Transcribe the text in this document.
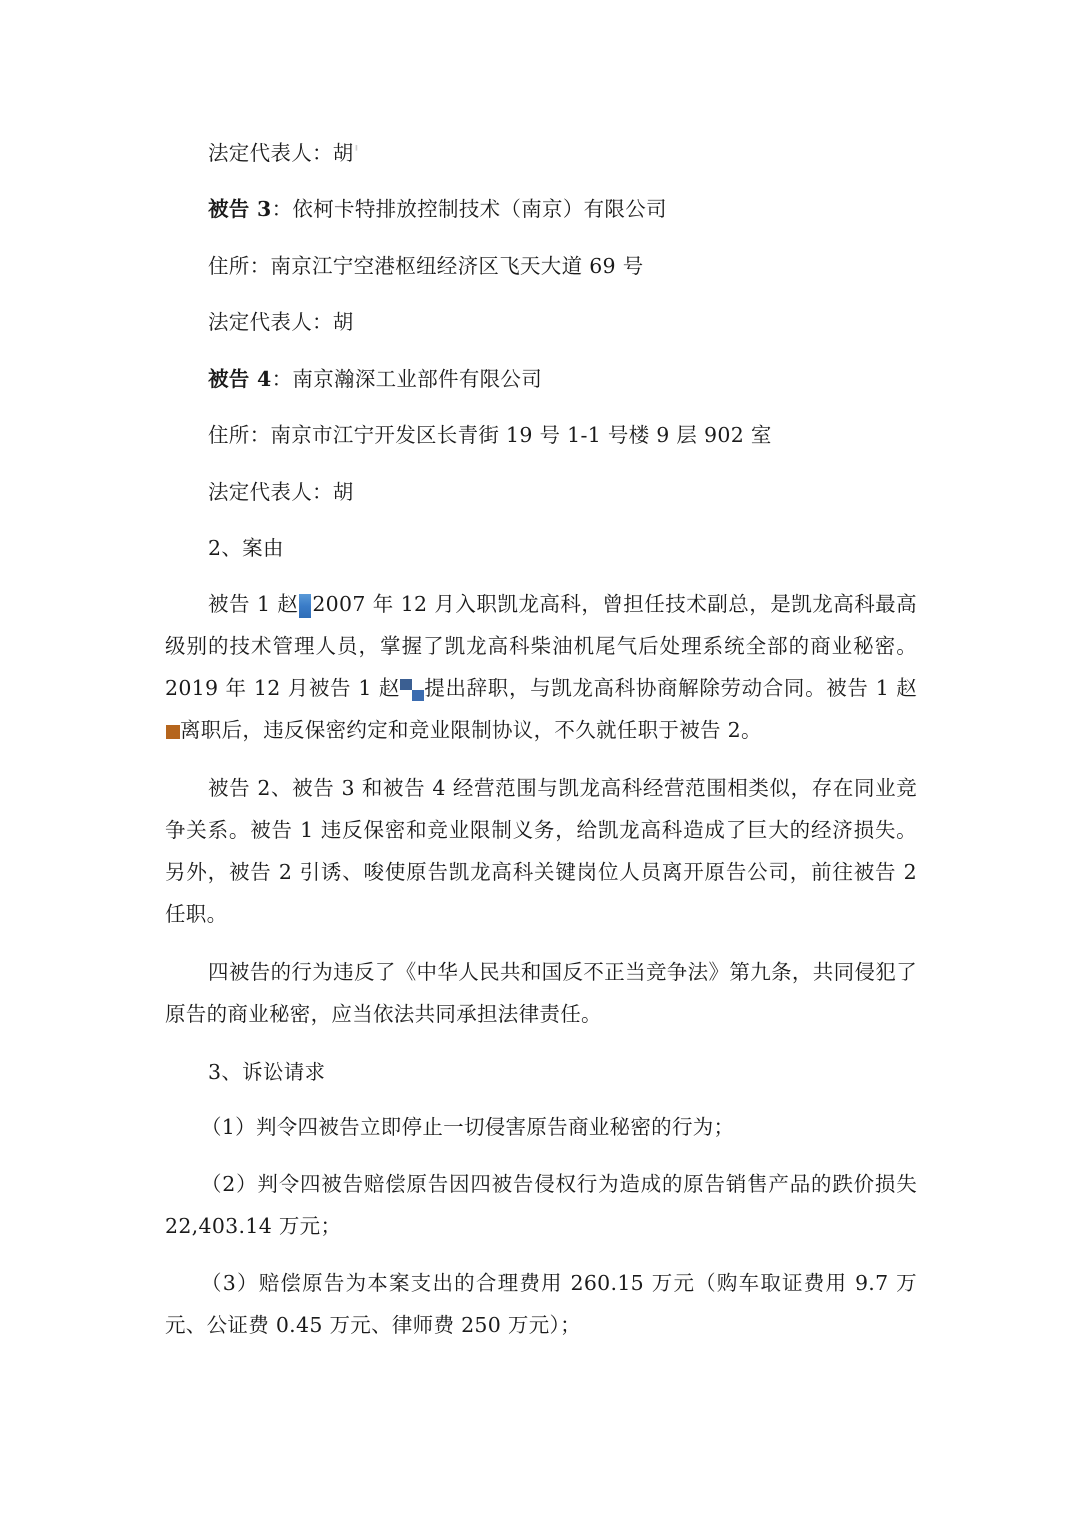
法定代表人：胡'
被告 3：依柯卡特排放控制技术（南京）有限公司
住所：南京江宁空港枢纽经济区飞天大道 69 号
法定代表人：胡
被告 4：南京瀚深工业部件有限公司
住所：南京市江宁开发区长青街 19 号 1-1 号楼 9 层 902 室
法定代表人：胡
2、案由
被告 1 赵 2007 年 12 月入职凯龙高科，曾担任技术副总，是凯龙高科最高级别的技术管理人员，掌握了凯龙高科柴油机尾气后处理系统全部的商业秘密。2019 年 12 月被告 1 赵 提出辞职，与凯龙高科协商解除劳动合同。被告 1 赵离职后，违反保密约定和竞业限制协议，不久就任职于被告 2。
被告 2、被告 3 和被告 4 经营范围与凯龙高科经营范围相类似，存在同业竞争关系。被告 1 违反保密和竞业限制义务，给凯龙高科造成了巨大的经济损失。另外，被告 2 引诱、唆使原告凯龙高科关键岗位人员离开原告公司，前往被告 2 任职。
四被告的行为违反了《中华人民共和国反不正当竞争法》第九条，共同侵犯了原告的商业秘密，应当依法共同承担法律责任。
3、诉讼请求
（1）判令四被告立即停止一切侵害原告商业秘密的行为；
（2）判令四被告赔偿原告因四被告侵权行为造成的原告销售产品的跌价损失 22,403.14 万元；
（3）赔偿原告为本案支出的合理费用 260.15 万元（购车取证费用 9.7 万元、公证费 0.45 万元、律师费 250 万元）；
